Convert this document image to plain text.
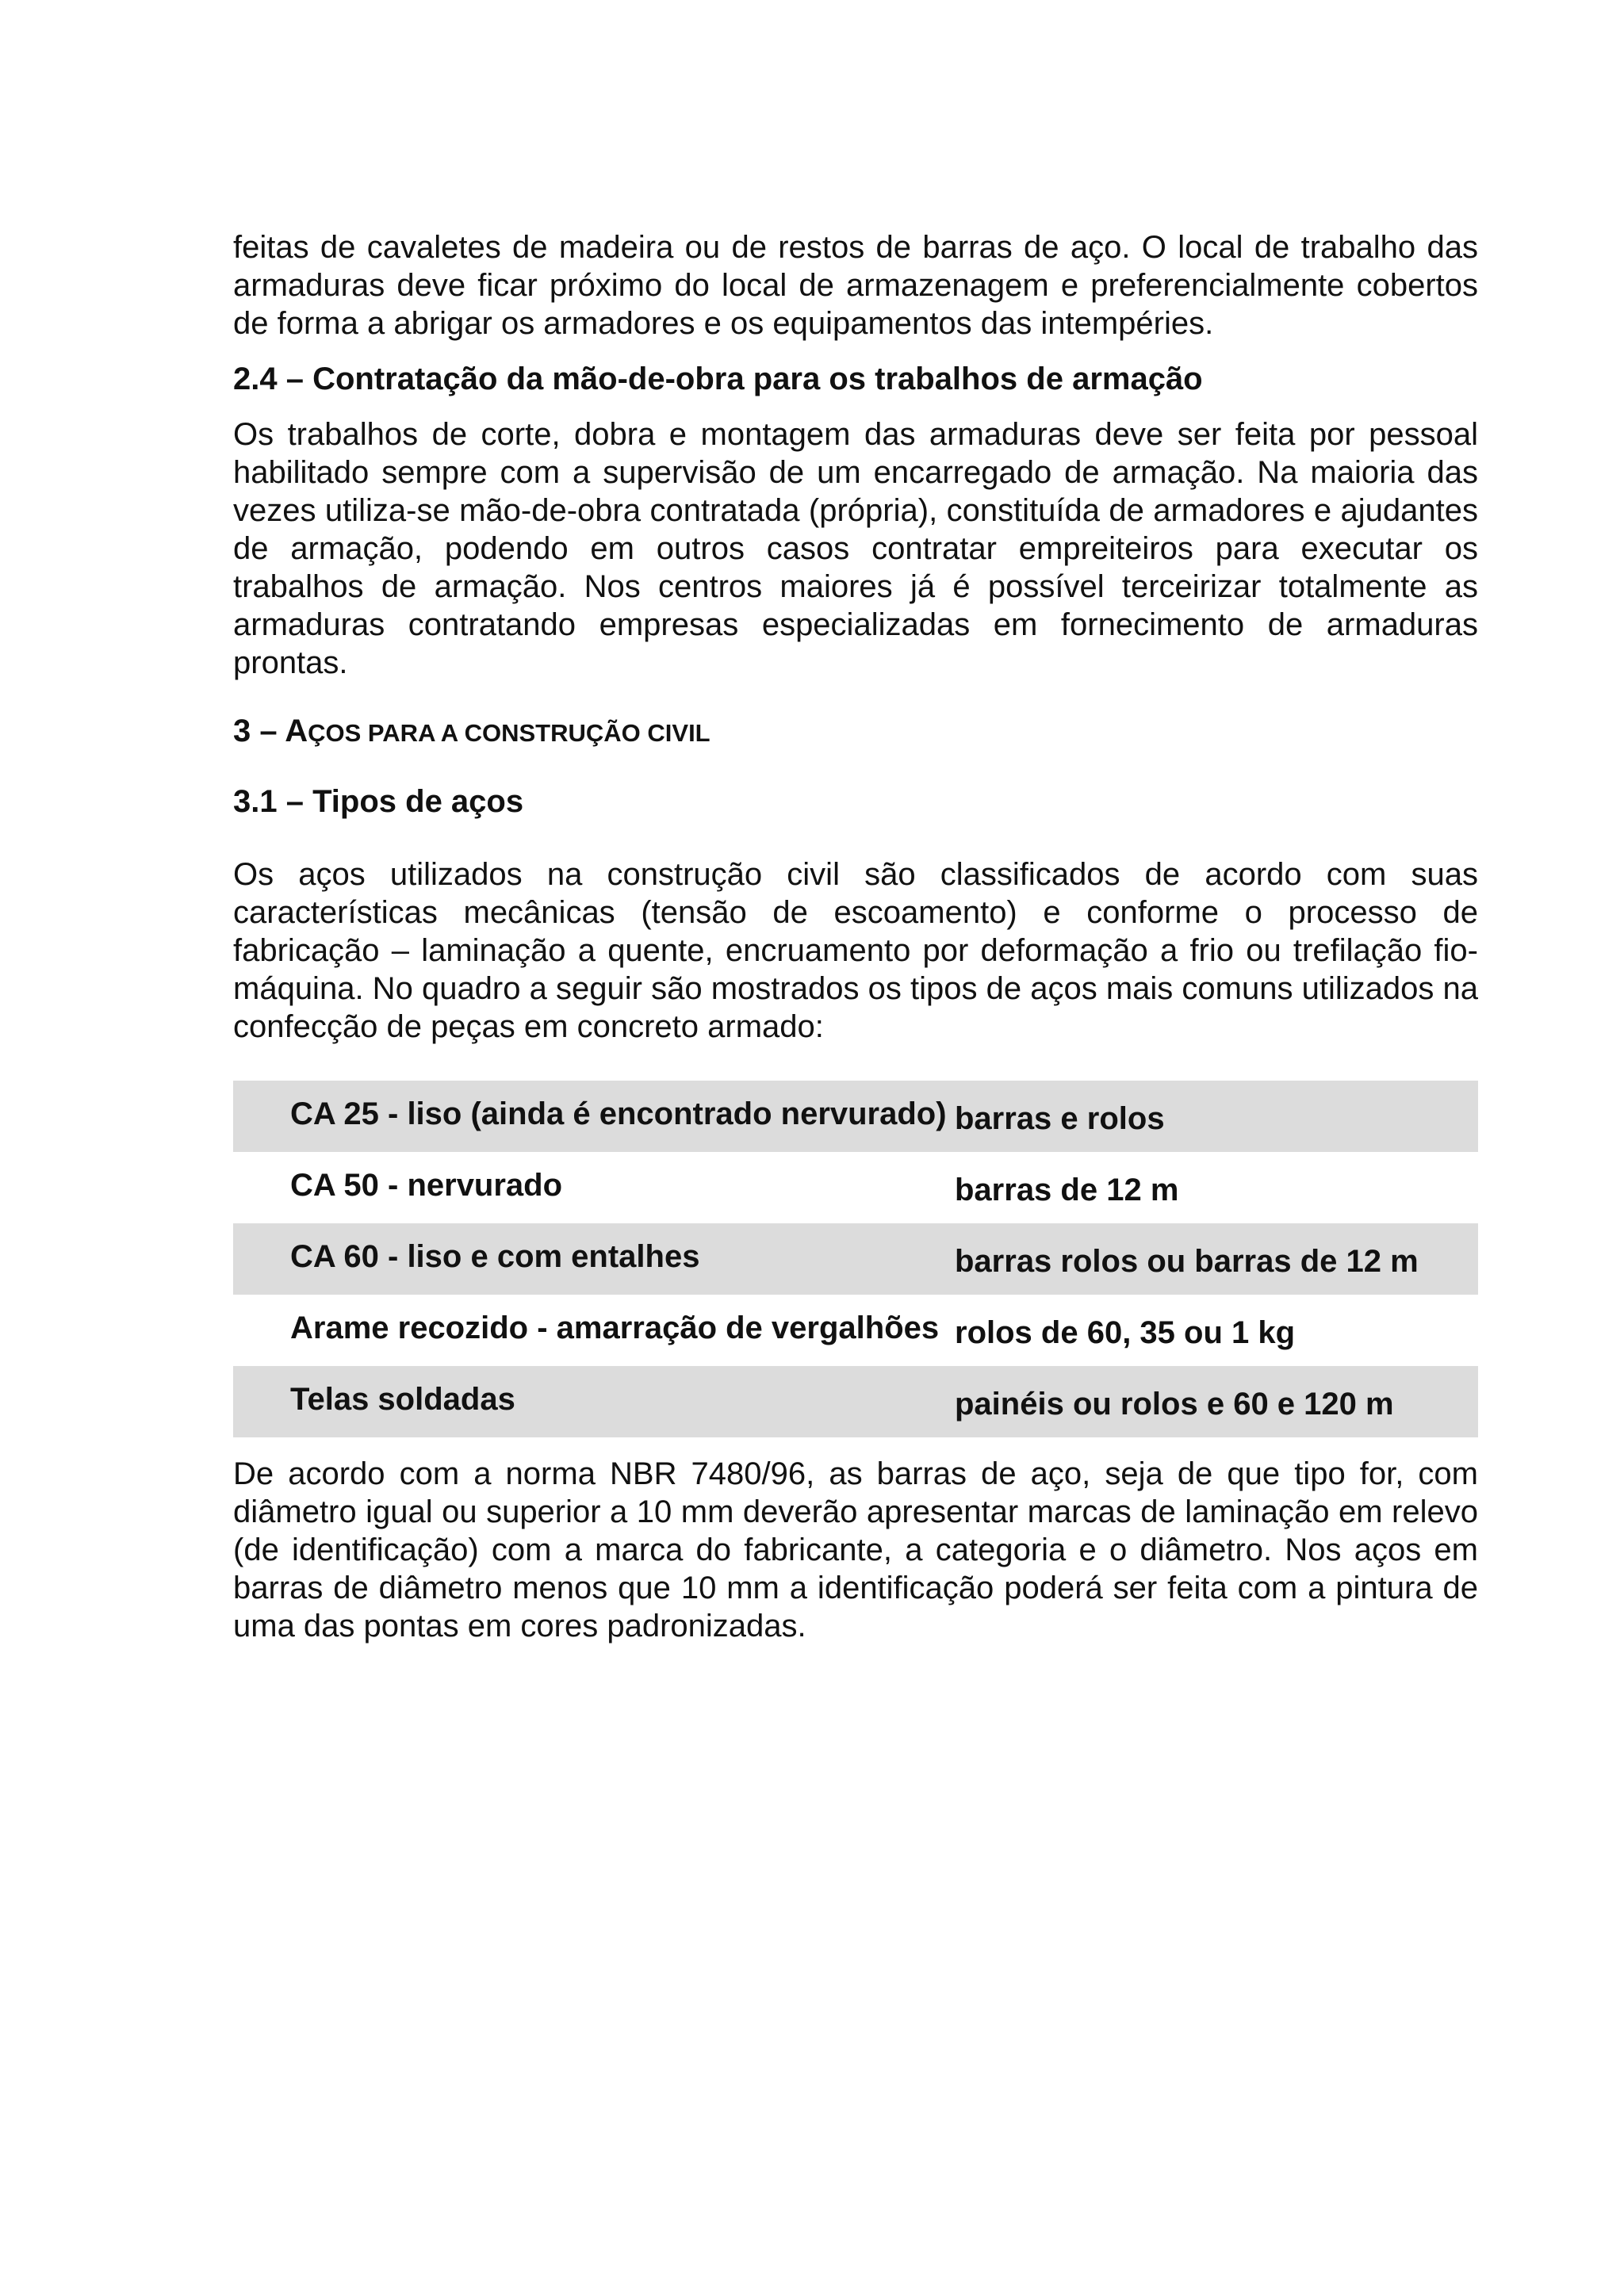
feitas de cavaletes de madeira ou de restos de barras de aço. O local de trabalho das armaduras deve ficar próximo do local de armazenagem e preferencialmente cobertos de forma a abrigar os armadores e os equipamentos das intempéries.

2.4 – Contratação da mão-de-obra para os trabalhos de armação

Os trabalhos de corte, dobra e montagem das armaduras deve ser feita por pessoal habilitado sempre com a supervisão de um encarregado de armação. Na maioria das vezes utiliza-se mão-de-obra contratada (própria), constituída de armadores e ajudantes de armação, podendo em outros casos contratar empreiteiros para executar os trabalhos de armação. Nos centros maiores já é possível terceirizar totalmente as armaduras contratando empresas especializadas em fornecimento de armaduras prontas.

3 – AÇOS PARA A CONSTRUÇÃO CIVIL
3.1 – Tipos de aços

Os aços utilizados na construção civil são classificados de acordo com suas características mecânicas (tensão de escoamento) e conforme o processo de fabricação – laminação a quente, encruamento por deformação a frio ou trefilação fio-máquina. No quadro a seguir são mostrados os tipos de aços mais comuns utilizados na confecção de peças em concreto armado:

CA 25 - liso (ainda é encontrado nervurado)	barras e rolos
CA 50 - nervurado	barras de 12 m
CA 60 - liso e com entalhes	barras rolos ou barras de 12 m
Arame recozido - amarração de vergalhões	rolos de 60, 35 ou 1 kg
Telas soldadas	painéis ou rolos e 60 e 120 m

De acordo com a norma NBR 7480/96, as barras de aço, seja de que tipo for, com diâmetro igual ou superior a 10 mm deverão apresentar marcas de laminação em relevo (de identificação) com a marca do fabricante, a categoria e o diâmetro. Nos aços em barras de diâmetro menos que 10 mm a identificação poderá ser feita com a pintura de uma das pontas em cores padronizadas.
